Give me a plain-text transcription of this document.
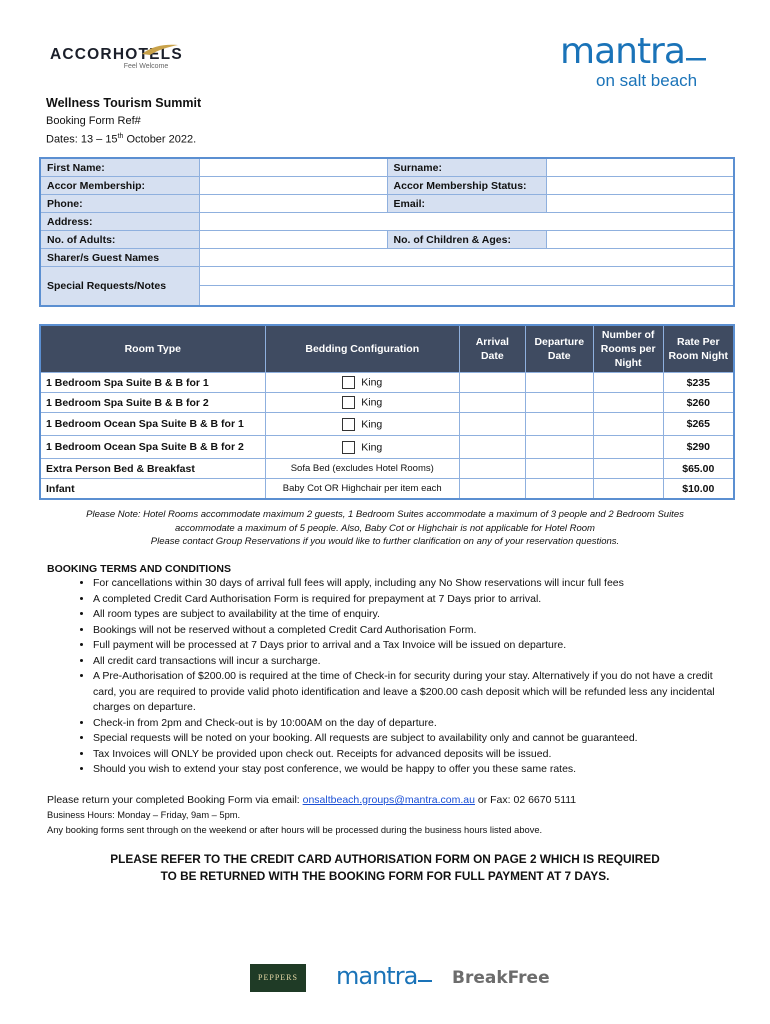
ACCORHOTELS
Feel Welcome	mantra
on salt beach
Wellness Tourism Summit
Booking Form Ref#
Dates: 13 – 15th October 2022.
First Name:		Surname:	
Accor Membership:		Accor Membership Status:	
Phone:		Email:	
Address:			
No. of Adults:		No. of Children & Ages:	
Sharer/s Guest Names			
Special Requests/Notes			

Room Type	Bedding Configuration	Arrival Date	Departure Date	Number of Rooms per Night	Rate Per Room Night
1 Bedroom Spa Suite B & B for 1	King				$235
1 Bedroom Spa Suite B & B for 2	King				$260
1 Bedroom Ocean Spa Suite B & B for 1	King				$265
1 Bedroom Ocean Spa Suite B & B for 2	King				$290
Extra Person Bed & Breakfast	Sofa Bed (excludes Hotel Rooms)				$65.00
Infant	Baby Cot OR Highchair per item each				$10.00
Please Note: Hotel Rooms accommodate maximum 2 guests, 1 Bedroom Suites accommodate a maximum of 3 people and 2 Bedroom Suites
accommodate a maximum of 5 people. Also, Baby Cot or Highchair is not applicable for Hotel Room
Please contact Group Reservations if you would like to further clarification on any of your reservation questions.
BOOKING TERMS AND CONDITIONS
• For cancellations within 30 days of arrival full fees will apply, including any No Show reservations will incur full fees
• A completed Credit Card Authorisation Form is required for prepayment at 7 Days prior to arrival.
• All room types are subject to availability at the time of enquiry.
• Bookings will not be reserved without a completed Credit Card Authorisation Form.
• Full payment will be processed at 7 Days prior to arrival and a Tax Invoice will be issued on departure.
• All credit card transactions will incur a surcharge.
• A Pre-Authorisation of $200.00 is required at the time of Check-in for security during your stay. Alternatively if you do not have a credit card, you are required to provide valid photo identification and leave a $200.00 cash deposit which will be refunded less any incidental charges on departure.
• Check-in from 2pm and Check-out is by 10:00AM on the day of departure.
• Special requests will be noted on your booking. All requests are subject to availability only and cannot be guaranteed.
• Tax Invoices will ONLY be provided upon check out. Receipts for advanced deposits will be issued.
• Should you wish to extend your stay post conference, we would be happy to offer you these same rates.
Please return your completed Booking Form via email: onsaltbeach.groups@mantra.com.au or Fax: 02 6670 5111
Business Hours: Monday – Friday, 9am – 5pm.
Any booking forms sent through on the weekend or after hours will be processed during the business hours listed above.
PLEASE REFER TO THE CREDIT CARD AUTHORISATION FORM ON PAGE 2 WHICH IS REQUIRED
TO BE RETURNED WITH THE BOOKING FORM FOR FULL PAYMENT AT 7 DAYS.
PEPPERS	mantra	BreakFree
